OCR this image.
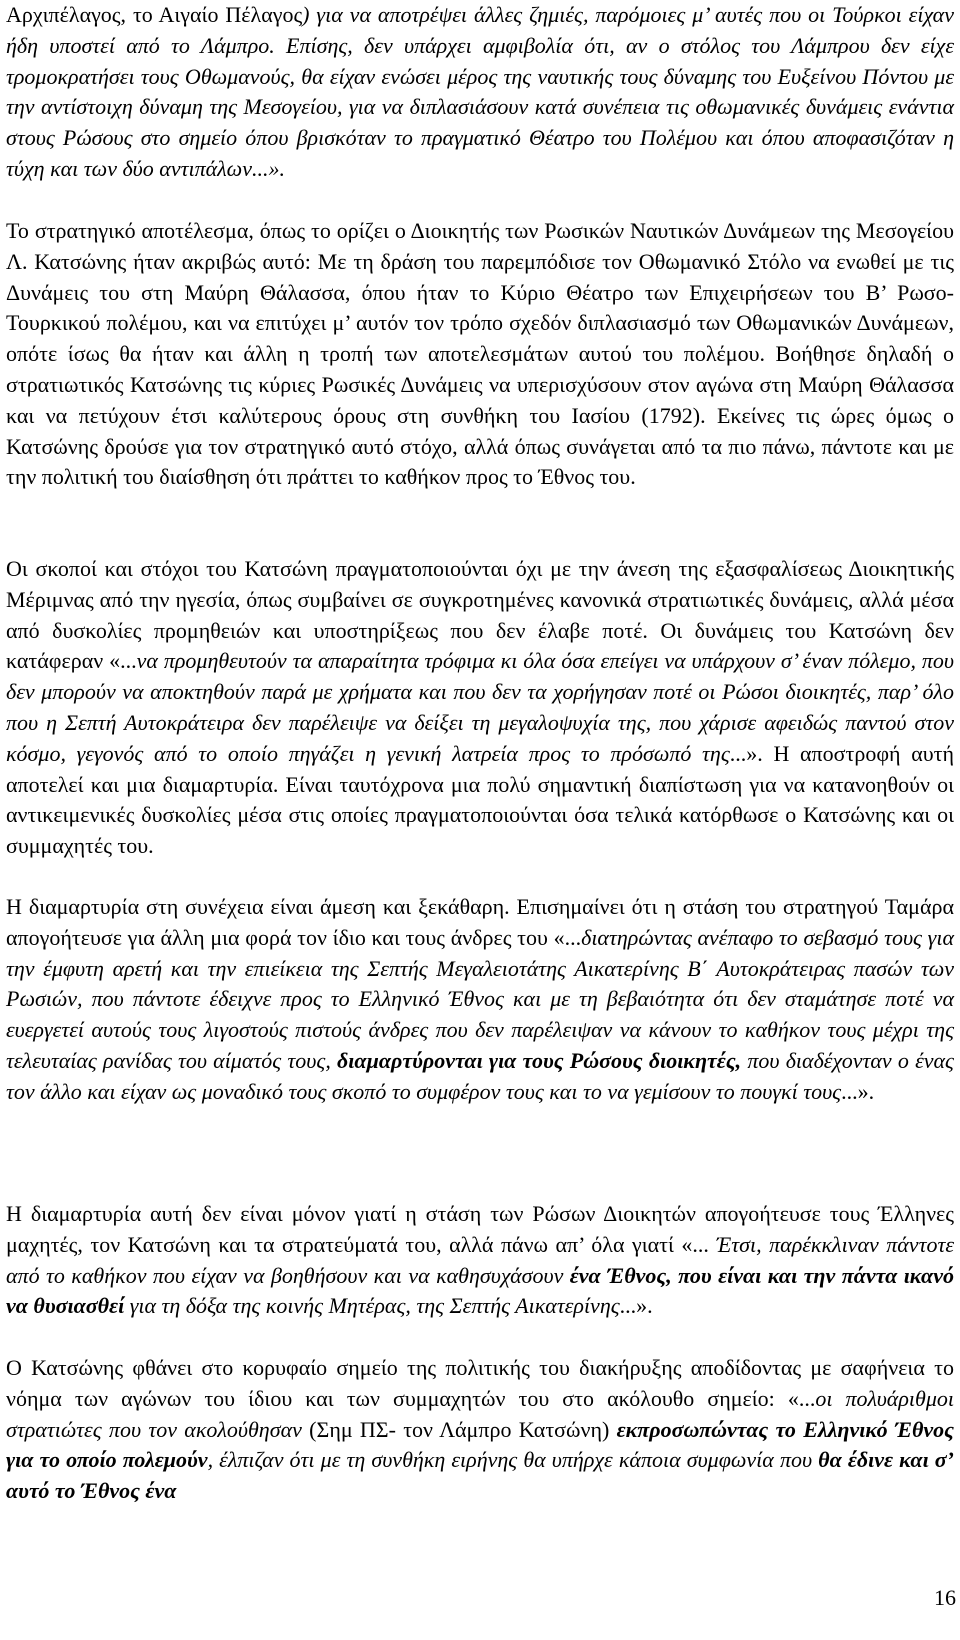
Αρχιπέλαγος, το Αιγαίο Πέλαγος) για να αποτρέψει άλλες ζημιές, παρόμοιες μ’ αυτές που οι Τούρκοι είχαν ήδη υποστεί από το Λάμπρο. Επίσης, δεν υπάρχει αμφιβολία ότι, αν ο στόλος του Λάμπρου δεν είχε τρομοκρατήσει τους Οθωμανούς, θα είχαν ενώσει μέρος της ναυτικής τους δύναμης του Ευξείνου Πόντου με την αντίστοιχη δύναμη της Μεσογείου, για να διπλασιάσουν κατά συνέπεια τις οθωμανικές δυνάμεις ενάντια στους Ρώσους στο σημείο όπου βρισκόταν το πραγματικό Θέατρο του Πολέμου και όπου αποφασιζόταν η τύχη και των δύο αντιπάλων...».

Το στρατηγικό αποτέλεσμα, όπως το ορίζει ο Διοικητής των Ρωσικών Ναυτικών Δυνάμεων της Μεσογείου Λ. Κατσώνης ήταν ακριβώς αυτό: Με τη δράση του παρεμπόδισε τον Οθωμανικό Στόλο να ενωθεί με τις Δυνάμεις του στη Μαύρη Θάλασσα, όπου ήταν το Κύριο Θέατρο των Επιχειρήσεων του Β’ Ρωσο-Τουρκικού πολέμου, και να επιτύχει μ’ αυτόν τον τρόπο σχεδόν διπλασιασμό των Οθωμανικών Δυνάμεων, οπότε ίσως θα ήταν και άλλη η τροπή των αποτελεσμάτων αυτού του πολέμου. Βοήθησε δηλαδή ο στρατιωτικός Κατσώνης τις κύριες Ρωσικές Δυνάμεις να υπερισχύσουν στον αγώνα στη Μαύρη Θάλασσα και να πετύχουν έτσι καλύτερους όρους στη συνθήκη του Ιασίου (1792). Εκείνες τις ώρες όμως ο Κατσώνης δρούσε για τον στρατηγικό αυτό στόχο, αλλά όπως συνάγεται από τα πιο πάνω, πάντοτε και με την πολιτική του διαίσθηση ότι πράττει το καθήκον προς το Έθνος του.

Οι σκοποί και στόχοι του Κατσώνη πραγματοποιούνται όχι με την άνεση της εξασφαλίσεως Διοικητικής Μέριμνας από την ηγεσία, όπως συμβαίνει σε συγκροτημένες κανονικά στρατιωτικές δυνάμεις, αλλά μέσα από δυσκολίες προμηθειών και υποστηρίξεως που δεν έλαβε ποτέ. Οι δυνάμεις του Κατσώνη δεν κατάφεραν «...να προμηθευτούν τα απαραίτητα τρόφιμα κι όλα όσα επείγει να υπάρχουν σ’ έναν πόλεμο, που δεν μπορούν να αποκτηθούν παρά με χρήματα και που δεν τα χορήγησαν ποτέ οι Ρώσοι διοικητές, παρ’ όλο που η Σεπτή Αυτοκράτειρα δεν παρέλειψε να δείξει τη μεγαλοψυχία της, που χάρισε αφειδώς παντού στον κόσμο, γεγονός από το οποίο πηγάζει η γενική λατρεία προς το πρόσωπό της...». Η αποστροφή αυτή αποτελεί και μια διαμαρτυρία. Είναι ταυτόχρονα μια πολύ σημαντική διαπίστωση για να κατανοηθούν οι αντικειμενικές δυσκολίες μέσα στις οποίες πραγματοποιούνται όσα τελικά κατόρθωσε ο Κατσώνης και οι συμμαχητές του.

Η διαμαρτυρία στη συνέχεια είναι άμεση και ξεκάθαρη. Επισημαίνει ότι η στάση του στρατηγού Ταμάρα απογοήτευσε για άλλη μια φορά τον ίδιο και τους άνδρες του «...διατηρώντας ανέπαφο το σεβασμό τους για την έμφυτη αρετή και την επιείκεια της Σεπτής Μεγαλειοτάτης Αικατερίνης Β΄ Αυτοκράτειρας πασών των Ρωσιών, που πάντοτε έδειχνε προς το Ελληνικό Έθνος και με τη βεβαιότητα ότι δεν σταμάτησε ποτέ να ευεργετεί αυτούς τους λιγοστούς πιστούς άνδρες που δεν παρέλειψαν να κάνουν το καθήκον τους μέχρι της τελευταίας ρανίδας του αίματός τους, διαμαρτύρονται για τους Ρώσους διοικητές, που διαδέχονταν ο ένας τον άλλο και είχαν ως μοναδικό τους σκοπό το συμφέρον τους και το να γεμίσουν το πουγκί τους...».

Η διαμαρτυρία αυτή δεν είναι μόνον γιατί η στάση των Ρώσων Διοικητών απογοήτευσε τους Έλληνες μαχητές, τον Κατσώνη και τα στρατεύματά του, αλλά πάνω απ’ όλα γιατί «... Έτσι, παρέκκλιναν πάντοτε από το καθήκον που είχαν να βοηθήσουν και να καθησυχάσουν ένα Έθνος, που είναι και την πάντα ικανό να θυσιασθεί για τη δόξα της κοινής Μητέρας, της Σεπτής Αικατερίνης...».

Ο Κατσώνης φθάνει στο κορυφαίο σημείο της πολιτικής του διακήρυξης αποδίδοντας με σαφήνεια το νόημα των αγώνων του ίδιου και των συμμαχητών του στο ακόλουθο σημείο: «...οι πολυάριθμοι στρατιώτες που τον ακολούθησαν (Σημ ΠΣ- τον Λάμπρο Κατσώνη) εκπροσωπώντας το Ελληνικό Έθνος για το οποίο πολεμούν, έλπιζαν ότι με τη συνθήκη ειρήνης θα υπήρχε κάποια συμφωνία που θα έδινε και σ’ αυτό το Έθνος ένα

16
